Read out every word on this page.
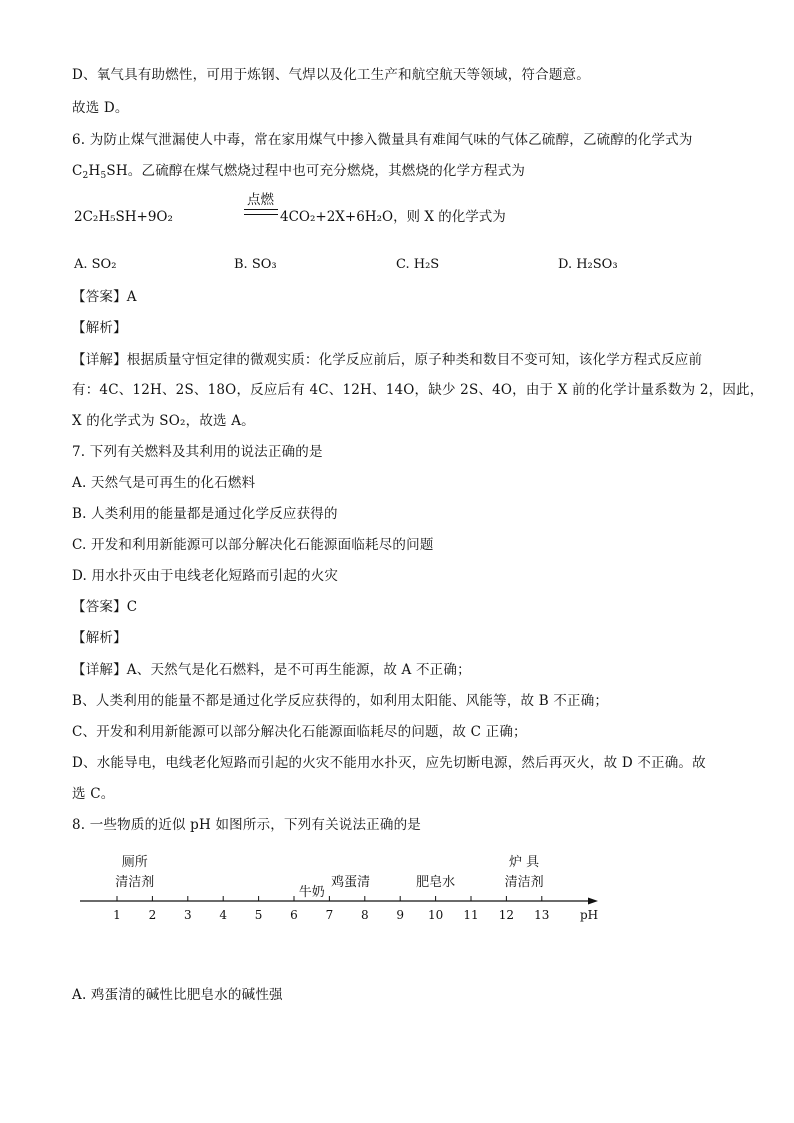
D、氧气具有助燃性，可用于炼钢、气焊以及化工生产和航空航天等领域，符合题意。
故选 D。
6. 为防止煤气泄漏使人中毒，常在家用煤气中掺入微量具有难闻气味的气体乙硫醇，乙硫醇的化学式为
$C_2H_5SH$。乙硫醇在煤气燃烧过程中也可充分燃烧，其燃烧的化学方程式为
2C₂H₅SH+9O₂
点燃
4CO₂+2X+6H₂O，则 X 的化学式为
A. SO₂	B. SO₃	C. H₂S	D. H₂SO₃
【答案】A
【解析】
【详解】根据质量守恒定律的微观实质：化学反应前后，原子种类和数目不变可知，该化学方程式反应前
有：4C、12H、2S、18O，反应后有 4C、12H、14O，缺少 2S、4O，由于 X 前的化学计量系数为 2，因此，
X 的化学式为 SO₂，故选 A。
7. 下列有关燃料及其利用的说法正确的是
A. 天然气是可再生的化石燃料
B. 人类利用的能量都是通过化学反应获得的
C. 开发和利用新能源可以部分解决化石能源面临耗尽的问题
D. 用水扑灭由于电线老化短路而引起的火灾
【答案】C
【解析】
【详解】A、天然气是化石燃料，是不可再生能源，故 A 不正确；
B、人类利用的能量不都是通过化学反应获得的，如利用太阳能、风能等，故 B 不正确；
C、开发和利用新能源可以部分解决化石能源面临耗尽的问题，故 C 正确；
D、水能导电，电线老化短路而引起的火灾不能用水扑灭，应先切断电源，然后再灭火，故 D 不正确。故
选 C。
8. 一些物质的近似 pH 如图所示，下列有关说法正确的是
1 2 3 4 5 6 7 8 9 10 11 12 13	pH
厕所
清洁剂
牛奶
鸡蛋清	肥皂水
炉 具
清洁剂
A. 鸡蛋清的碱性比肥皂水的碱性强
